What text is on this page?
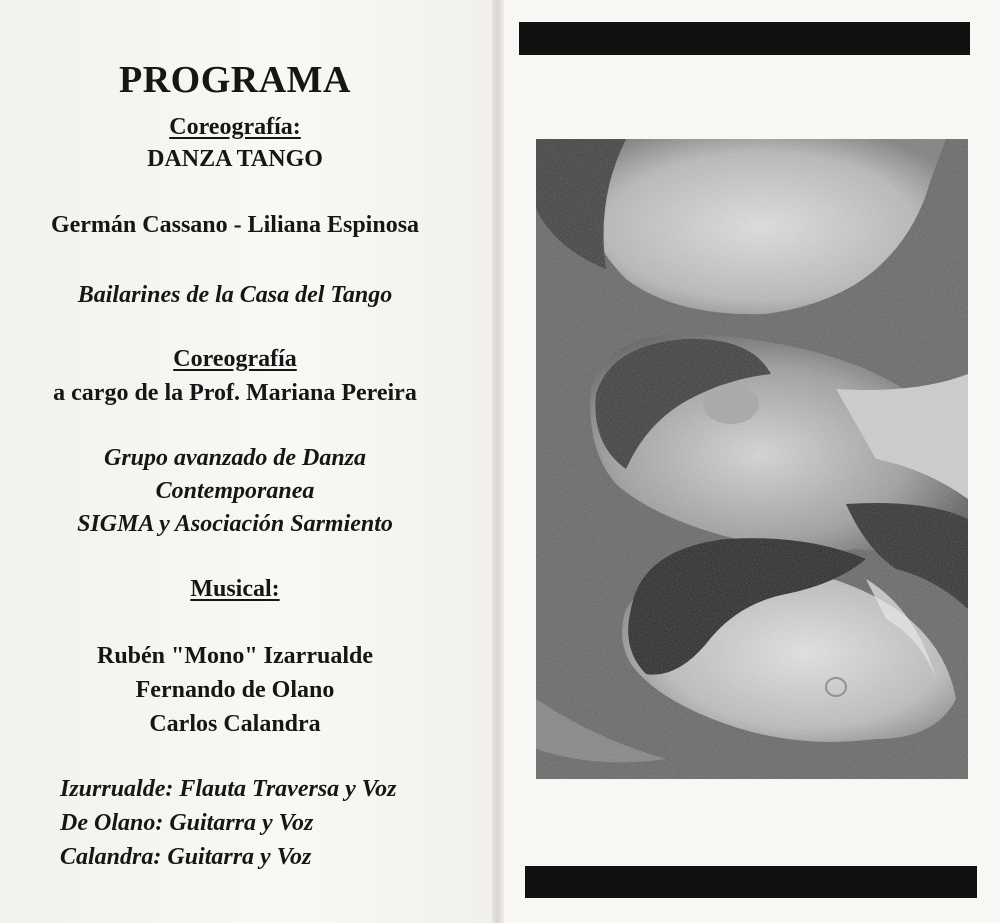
PROGRAMA
Coreografía:
DANZA TANGO
Germán Cassano - Liliana Espinosa
Bailarines de la Casa del Tango
Coreografía
a cargo de la Prof. Mariana Pereira
Grupo avanzado de Danza
Contemporanea
SIGMA y Asociación Sarmiento
Musical:
Rubén "Mono" Izarrualde
Fernando de Olano
Carlos Calandra
Izurrualde: Flauta Traversa y Voz
De Olano: Guitarra y Voz
Calandra: Guitarra y Voz
